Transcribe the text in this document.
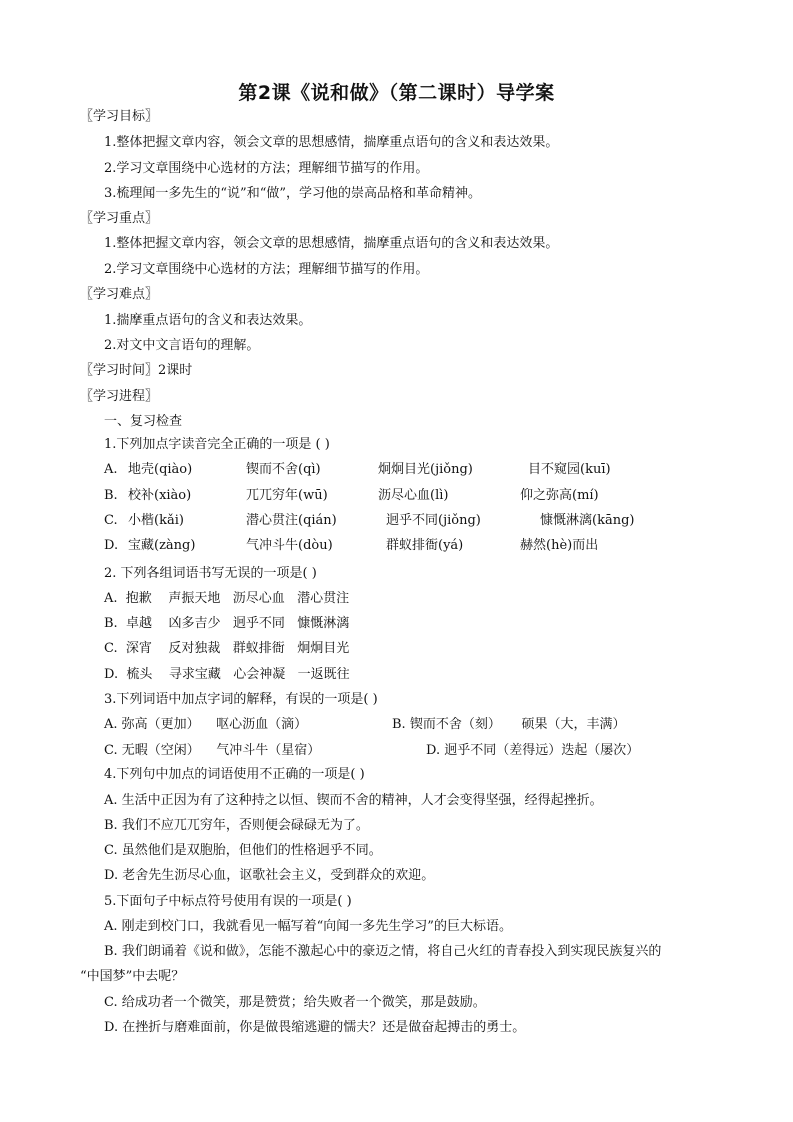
第2课《说和做》（第二课时）导学案
〖学习目标〗
1.整体把握文章内容，领会文章的思想感情，揣摩重点语句的含义和表达效果。
2.学习文章围绕中心选材的方法；理解细节描写的作用。
3.梳理闻一多先生的“说”和“做”，学习他的崇高品格和革命精神。
〖学习重点〗
1.整体把握文章内容，领会文章的思想感情，揣摩重点语句的含义和表达效果。
2.学习文章围绕中心选材的方法；理解细节描写的作用。
〖学习难点〗
1.揣摩重点语句的含义和表达效果。
2.对文中文言语句的理解。
〖学习时间〗2课时
〖学习进程〗
一、复习检查
1.下列加点字读音完全正确的一项是 ( )
A. 地壳(qiào)	锲而不舍(qì)	炯炯目光(jiǒng)	目不窥园(kuī)
B. 校补(xiào)	兀兀穷年(wū)	沥尽心血(lì)	仰之弥高(mí)
C. 小楷(kǎi)	潜心贯注(qián)	迥乎不同(jiǒng)	慷慨淋漓(kāng)
D. 宝藏(zàng)	气冲斗牛(dòu)	群蚁排衙(yá)	赫然(hè)而出
2. 下列各组词语书写无误的一项是( )
A.  抱歉    声振天地   沥尽心血   潜心贯注
B.  卓越    凶多吉少   迥乎不同   慷慨淋漓
C.  深宵    反对独裁   群蚁排衙   炯炯目光
D.  梳头    寻求宝藏   心会神凝   一返既往
3.下列词语中加点字词的解释，有误的一项是( )
A. 弥高（更加）    呕心沥血（滴）	B. 锲而不舍（刻）     硕果（大，丰满）
C. 无暇（空闲）    气冲斗牛（星宿）	D. 迥乎不同（差得远）迭起（屡次）
4.下列句中加点的词语使用不正确的一项是( )
A. 生活中正因为有了这种持之以恒、锲而不舍的精神，人才会变得坚强，经得起挫折。
B. 我们不应兀兀穷年，否则便会碌碌无为了。
C. 虽然他们是双胞胎，但他们的性格迥乎不同。
D. 老舍先生沥尽心血，讴歌社会主义，受到群众的欢迎。
5.下面句子中标点符号使用有误的一项是( )
A. 刚走到校门口，我就看见一幅写着“向闻一多先生学习”的巨大标语。
B. 我们朗诵着《说和做》，怎能不激起心中的豪迈之情，将自己火红的青春投入到实现民族复兴的
“中国梦”中去呢？
C. 给成功者一个微笑，那是赞赏；给失败者一个微笑，那是鼓励。
D. 在挫折与磨难面前，你是做畏缩逃避的懦夫？还是做奋起搏击的勇士。
